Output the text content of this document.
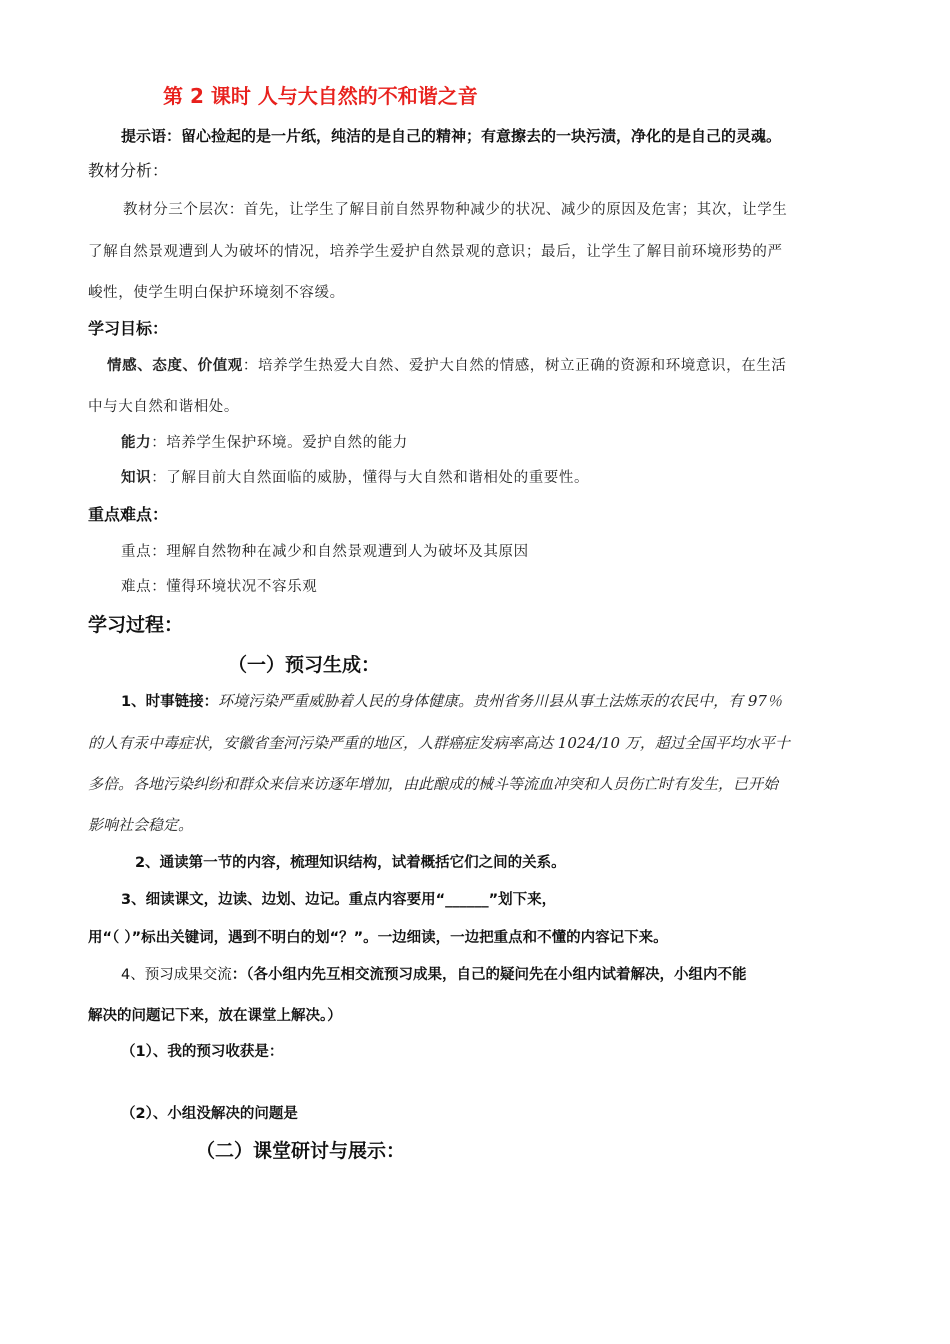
第 2 课时 人与大自然的不和谐之音
提示语：留心捡起的是一片纸，纯洁的是自己的精神；有意擦去的一块污渍，净化的是自己的灵魂。
教材分析：
教材分三个层次：首先，让学生了解目前自然界物种减少的状况、减少的原因及危害；其次，让学生
了解自然景观遭到人为破坏的情况，培养学生爱护自然景观的意识；最后，让学生了解目前环境形势的严
峻性，使学生明白保护环境刻不容缓。
学习目标：
情感、态度、价值观：培养学生热爱大自然、爱护大自然的情感，树立正确的资源和环境意识，在生活
中与大自然和谐相处。
能力：培养学生保护环境。爱护自然的能力
知识：了解目前大自然面临的威胁，懂得与大自然和谐相处的重要性。
重点难点：
重点：理解自然物种在减少和自然景观遭到人为破坏及其原因
难点：懂得环境状况不容乐观
学习过程：
（一）预习生成：
1、时事链接：环境污染严重威胁着人民的身体健康。贵州省务川县从事土法炼汞的农民中，有 97％
的人有汞中毒症状，安徽省奎河污染严重的地区，人群癌症发病率高达 1024/10 万，超过全国平均水平十
多倍。各地污染纠纷和群众来信来访逐年增加，由此酿成的械斗等流血冲突和人员伤亡时有发生，已开始
影响社会稳定。
2、通读第一节的内容，梳理知识结构，试着概括它们之间的关系。
3、细读课文，边读、边划、边记。重点内容要用“______”划下来，
用“（ ）”标出关键词，遇到不明白的划“？”。一边细读，一边把重点和不懂的内容记下来。
4、预习成果交流：（各小组内先互相交流预习成果，自己的疑问先在小组内试着解决，小组内不能
解决的问题记下来，放在课堂上解决。）
（1）、我的预习收获是：
（2）、小组没解决的问题是
（二）课堂研讨与展示：
